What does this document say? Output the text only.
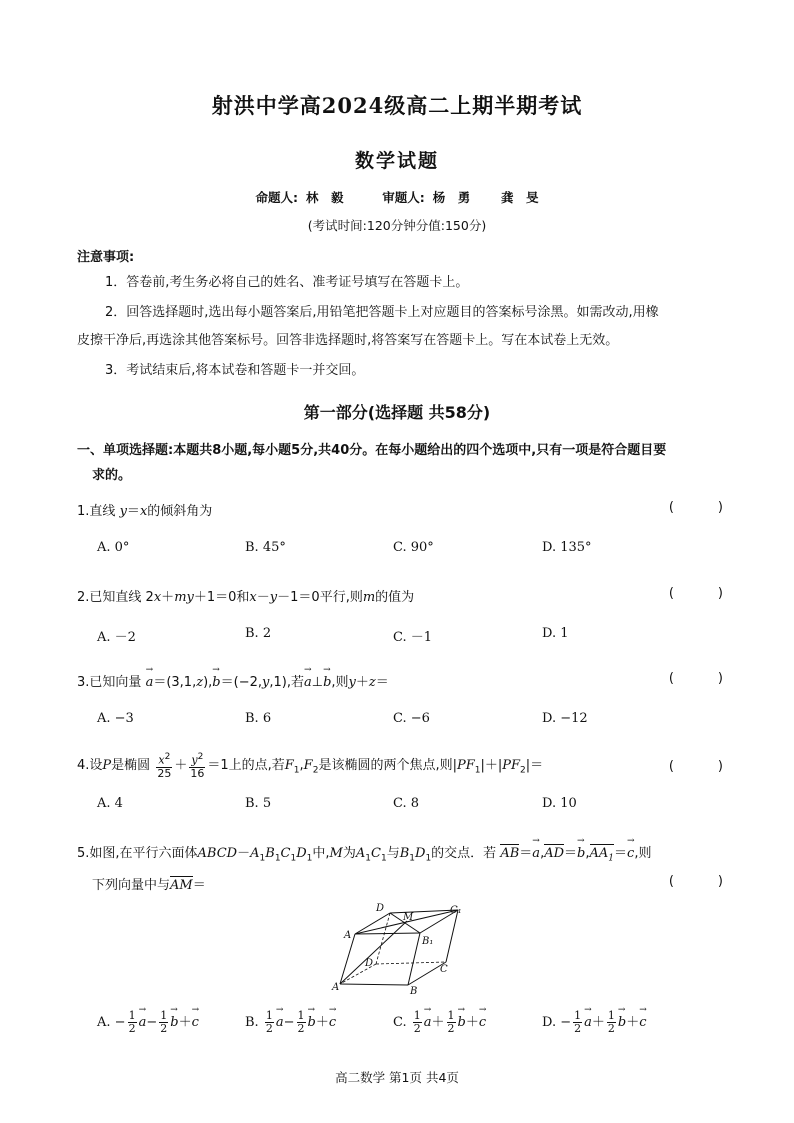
射洪中学高2024级高二上期半期考试
数学试题
命题人: 林　毅	审题人: 杨　勇 龚　旻
(考试时间:120分钟分值:150分)
注意事项:
1．答卷前,考生务必将自己的姓名、准考证号填写在答题卡上。
2．回答选择题时,选出每小题答案后,用铅笔把答题卡上对应题目的答案标号涂黑。如需改动,用橡
皮擦干净后,再选涂其他答案标号。回答非选择题时,将答案写在答题卡上。写在本试卷上无效。
3．考试结束后,将本试卷和答题卡一并交回。
第一部分(选择题 共58分)
一、单项选择题:本题共8小题,每小题5分,共40分。在每小题给出的四个选项中,只有一项是符合题目要
求的。
1.直线 y＝x的倾斜角为	(	)
A. 0°	B. 45°	C. 90°	D. 135°
2.已知直线 2x＋my＋1＝0和x－y－1＝0平行,则m的值为	(	)
A. －2	B. 2	C. －1	D. 1
3.已知向量 → a＝(3,1,z),→ b＝(−2,y,1),若→ a⊥→ b,则y＋z＝	(	)
A. −3	B. 6	C. −6	D. −12
4.设P是椭圆 $\frac{x^2}{25} + \frac{y^2}{16} =1$上的点,若$F_1,F_2$是该椭圆的两个焦点,则$|PF_1|+|PF_2|=$	(	)
A. 4	B. 5	C. 8	D. 10
5.如图,在平行六面体$ABCD-A_1B_1C_1D_1$中,M为$A_1C_1$与$B_1D_1$的交点．若 $AB=\to a,AD=\to b,AA_1=\to c$,则
下列向量中与AM＝	(	)
D
M
C₁
A
B₁
D
C
A	B
A. − $\frac{1}{2} \to a- \frac{1}{2} \to b+\to c$	B. $\frac{1}{2} \to a- \frac{1}{2} \to b+\to c$	C. $\frac{1}{2} \to a+ \frac{1}{2} \to b+\to c$	D. − $\frac{1}{2} \to a+ \frac{1}{2} \to b+\to c$
高二数学 第1页 共4页
